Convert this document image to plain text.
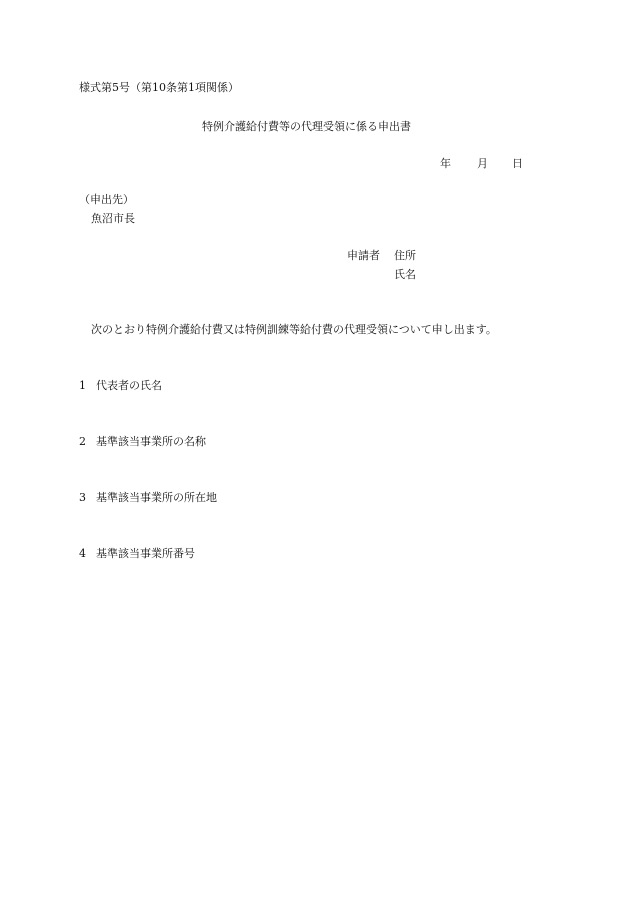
様式第5号（第10条第1項関係）
特例介護給付費等の代理受領に係る申出書
年 月 日
（申出先）
魚沼市長
申請者 住所
氏名
次のとおり特例介護給付費又は特例訓練等給付費の代理受領について申し出ます。
1 代表者の氏名
2 基準該当事業所の名称
3 基準該当事業所の所在地
4 基準該当事業所番号
